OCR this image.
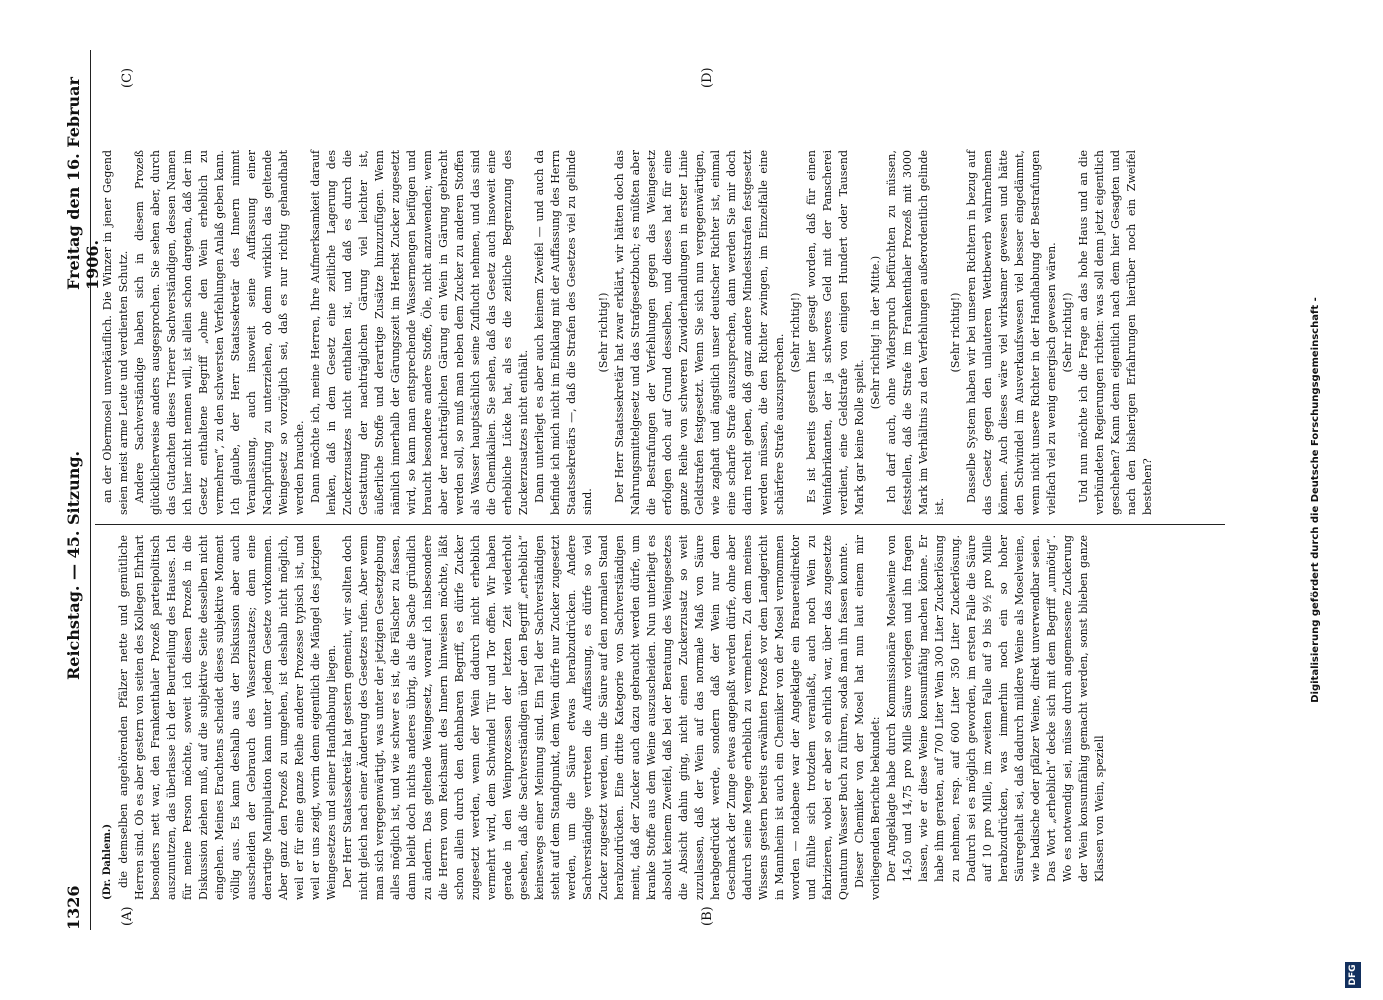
1326
Reichstag. — 45. Sitzung.
Freitag den 16. Februar 1906.
(A)	(B)
(C)	(D)

(Dr. Dahlem.) die demselben angehörenden Pfälzer nette und gemütliche Herren sind. Ob es aber gestern von seiten des Kollegen Ehrhart besonders nett war, den Frankenthaler Prozeß parteipolitisch auszunutzen, das überlasse ich der Beurteilung des Hauses. Ich für meine Person möchte, soweit ich diesen Prozeß in die Diskussion ziehen muß, auf die subjektive Seite desselben nicht eingehen. Meines Erachtens scheidet dieses subjektive Moment völlig aus. Es kann deshalb aus der Diskussion aber auch ausscheiden der Gebrauch des Wasserzusatzes; denn eine derartige Manipulation kann unter jedem Gesetze vorkommen. Aber ganz den Prozeß zu umgehen, ist deshalb nicht möglich, weil er für eine ganze Reihe anderer Prozesse typisch ist, und weil er uns zeigt, worin denn eigentlich die Mängel des jetzigen Weingesetzes und seiner Handhabung liegen. Der Herr Staatssekretär hat gestern gemeint, wir sollten doch nicht gleich nach einer Änderung des Gesetzes rufen. Aber wenn man sich vergegenwärtigt, was unter der jetzigen Gesetzgebung alles möglich ist, und wie schwer es ist, die Fälscher zu fassen, dann bleibt doch nichts anderes übrig, als die Sache gründlich zu ändern. Das geltende Weingesetz, worauf ich insbesondere die Herren vom Reichsamt des Innern hinweisen möchte, läßt schon allein durch den dehnbaren Begriff, es dürfe Zucker zugesetzt werden, wenn der Wein dadurch nicht erheblich vermehrt wird, dem Schwindel Tür und Tor offen. Wir haben gerade in den Weinprozessen der letzten Zeit wiederholt gesehen, daß die Sachverständigen über den Begriff „erheblich“ keineswegs einer Meinung sind. Ein Teil der Sachverständigen steht auf dem Standpunkt, dem Wein dürfe nur Zucker zugesetzt werden, um die Säure etwas herabzudrücken. Andere Sachverständige vertreten die Auffassung, es dürfe so viel Zucker zugesetzt werden, um die Säure auf den normalen Stand herabzudrücken. Eine dritte Kategorie von Sachverständigen meint, daß der Zucker auch dazu gebraucht werden dürfe, um kranke Stoffe aus dem Weine auszuscheiden. Nun unterliegt es absolut keinem Zweifel, daß bei der Beratung des Weingesetzes die Absicht dahin ging, nicht einen Zuckerzusatz so weit zuzulassen, daß der Wein auf das normale Maß von Säure herabgedrückt werde, sondern daß der Wein nur dem Geschmack der Zunge etwas angepaßt werden dürfe, ohne aber dadurch seine Menge erheblich zu vermehren. Zu dem meines Wissens gestern bereits erwähnten Prozeß vor dem Landgericht in Mannheim ist auch ein Chemiker von der Mosel vernommen worden — notabene war der Angeklagte ein Brauereidirektor und fühlte sich trotzdem veranlaßt, auch noch Wein zu fabrizieren, wobei er aber so ehrlich war, über das zugesetzte Quantum Wasser Buch zu führen, sodaß man ihn fassen konnte. Dieser Chemiker von der Mosel hat nun laut einem mir vorliegenden Berichte bekundet: Der Angeklagte habe durch Kommissionäre Moselweine von 14,50 und 14,75 pro Mille Säure vorlegen und ihn fragen lassen, wie er diese Weine konsumfähig machen könne. Er habe ihm geraten, auf 700 Liter Wein 300 Liter Zuckerlösung zu nehmen, resp. auf 600 Liter 350 Liter Zuckerlösung. Dadurch sei es möglich geworden, im ersten Falle die Säure auf 10 pro Mille, im zweiten Falle auf 9 bis 9½ pro Mille herabzudrücken, was immerhin noch ein so hoher Säuregehalt sei, daß dadurch mildere Weine als Moselweine, wie badische oder pfälzer Weine, direkt unverwendbar seien. Das Wort „erheblich“ decke sich mit dem Begriff „unnötig“. Wo es notwendig sei, müsse durch angemessene Zuckerung der Wein konsumfähig gemacht werden, sonst blieben ganze Klassen von Wein, speziell

an der Obermosel unverkäuflich. Die Winzer in jener Gegend seien meist arme Leute und verdienten Schutz. Andere Sachverständige haben sich in diesem Prozeß glücklicherweise anders ausgesprochen. Sie sehen aber, durch das Gutachten dieses Trierer Sachverständigen, dessen Namen ich hier nicht nennen will, ist allein schon dargetan, daß der im Gesetz enthaltene Begriff „ohne den Wein erheblich zu vermehren“, zu den schwersten Verfehlungen Anlaß geben kann. Ich glaube, der Herr Staatssekretär des Innern nimmt Veranlassung, auch insoweit seine Auffassung einer Nachprüfung zu unterziehen, ob denn wirklich das geltende Weingesetz so vorzüglich sei, daß es nur richtig gehandhabt werden brauche. Dann möchte ich, meine Herren, Ihre Aufmerksamkeit darauf lenken, daß in dem Gesetz eine zeitliche Lagerung des Zuckerzusatzes nicht enthalten ist, und daß es durch die Gestattung der nachträglichen Gärung viel leichter ist, äußerliche Stoffe und derartige Zusätze hinzuzufügen. Wenn nämlich innerhalb der Gärungszeit im Herbst Zucker zugesetzt wird, so kann man entsprechende Wassermengen beifügen und braucht besondere andere Stoffe, Öle, nicht anzuwenden; wenn aber der nachträglichen Gärung ein Wein in Gärung gebracht werden soll, so muß man neben dem Zucker zu anderen Stoffen als Wasser hauptsächlich seine Zuflucht nehmen, und das sind die Chemikalien. Sie sehen, daß das Gesetz auch insoweit eine erhebliche Lücke hat, als es die zeitliche Begrenzung des Zuckerzusatzes nicht enthält. Dann unterliegt es aber auch keinem Zweifel — und auch da befinde ich mich nicht im Einklang mit der Auffassung des Herrn Staatssekretärs —, daß die Strafen des Gesetzes viel zu gelinde sind.

(Sehr richtig!) Der Herr Staatssekretär hat zwar erklärt, wir hätten doch das Nahrungsmittelgesetz und das Strafgesetzbuch; es müßten aber die Bestrafungen der Verfehlungen gegen das Weingesetz erfolgen doch auf Grund desselben, und dieses hat für eine ganze Reihe von schweren Zuwiderhandlungen in erster Linie Geldstrafen festgesetzt. Wenn Sie sich nun vergegenwärtigen, wie zaghaft und ängstlich unser deutscher Richter ist, einmal eine scharfe Strafe auszusprechen, dann werden Sie mir doch darin recht geben, daß ganz andere Mindeststrafen festgesetzt werden müssen, die den Richter zwingen, im Einzelfalle eine schärfere Strafe auszusprechen.

(Sehr richtig!) Es ist bereits gestern hier gesagt worden, daß für einen Weinfabrikanten, der ja schweres Geld mit der Panscherei verdient, eine Geldstrafe von einigen Hundert oder Tausend Mark gar keine Rolle spielt.

(Sehr richtig! in der Mitte.) Ich darf auch, ohne Widerspruch befürchten zu müssen, feststellen, daß die Strafe im Frankenthaler Prozeß mit 3000 Mark im Verhältnis zu den Verfehlungen außerordentlich gelinde ist.

(Sehr richtig!) Dasselbe System haben wir bei unseren Richtern in bezug auf das Gesetz gegen den unlauteren Wettbewerb wahrnehmen können. Auch dieses wäre viel wirksamer gewesen und hätte den Schwindel im Ausverkaufswesen viel besser eingedämmt, wenn nicht unsere Richter in der Handhabung der Bestrafungen vielfach viel zu wenig energisch gewesen wären. (Sehr richtig!) Und nun möchte ich die Frage an das hohe Haus und an die verbündeten Regierungen richten: was soll denn jetzt eigentlich geschehen? Kann denn eigentlich nach dem hier Gesagten und nach den bisherigen Erfahrungen hierüber noch ein Zweifel bestehen?	Digitalisierung gefördert durch die Deutsche Forschungsgemeinschaft -
DFG
